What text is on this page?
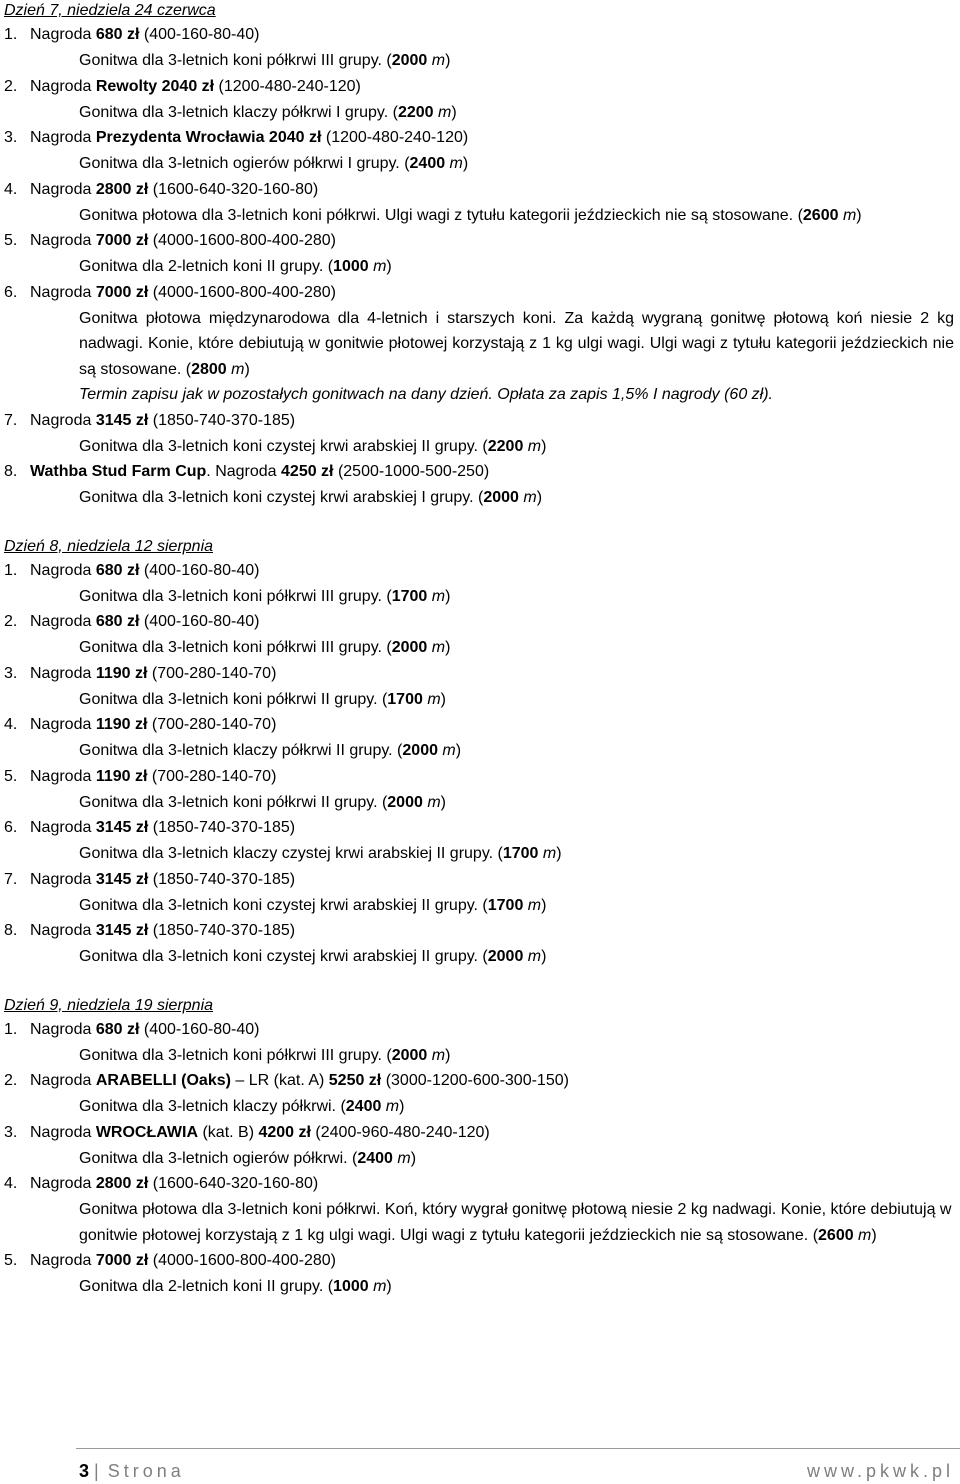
Dzień 7, niedziela 24 czerwca
1. Nagroda 680 zł (400-160-80-40)
Gonitwa dla 3-letnich koni półkrwi III grupy. (2000 m)
2. Nagroda Rewolty 2040 zł (1200-480-240-120)
Gonitwa dla 3-letnich klaczy półkrwi I grupy. (2200 m)
3. Nagroda Prezydenta Wrocławia 2040 zł (1200-480-240-120)
Gonitwa dla 3-letnich ogierów półkrwi I grupy. (2400 m)
4. Nagroda 2800 zł (1600-640-320-160-80)
Gonitwa płotowa dla 3-letnich koni półkrwi. Ulgi wagi z tytułu kategorii jeździeckich nie są stosowane. (2600 m)
5. Nagroda 7000 zł (4000-1600-800-400-280)
Gonitwa dla 2-letnich koni II grupy. (1000 m)
6. Nagroda 7000 zł (4000-1600-800-400-280)
Gonitwa płotowa międzynarodowa dla 4-letnich i starszych koni. Za każdą wygraną gonitwę płotową koń niesie 2 kg nadwagi. Konie, które debiutują w gonitwie płotowej korzystają z 1 kg ulgi wagi. Ulgi wagi z tytułu kategorii jeździeckich nie są stosowane. (2800 m)
Termin zapisu jak w pozostałych gonitwach na dany dzień. Opłata za zapis 1,5% I nagrody (60 zł).
7. Nagroda 3145 zł (1850-740-370-185)
Gonitwa dla 3-letnich koni czystej krwi arabskiej II grupy. (2200 m)
8. Wathba Stud Farm Cup. Nagroda 4250 zł (2500-1000-500-250)
Gonitwa dla 3-letnich koni czystej krwi arabskiej I grupy. (2000 m)
Dzień 8, niedziela 12 sierpnia
1. Nagroda 680 zł (400-160-80-40)
Gonitwa dla 3-letnich koni półkrwi III grupy. (1700 m)
2. Nagroda 680 zł (400-160-80-40)
Gonitwa dla 3-letnich koni półkrwi III grupy. (2000 m)
3. Nagroda 1190 zł (700-280-140-70)
Gonitwa dla 3-letnich koni półkrwi II grupy. (1700 m)
4. Nagroda 1190 zł (700-280-140-70)
Gonitwa dla 3-letnich klaczy półkrwi II grupy. (2000 m)
5. Nagroda 1190 zł (700-280-140-70)
Gonitwa dla 3-letnich koni półkrwi II grupy. (2000 m)
6. Nagroda 3145 zł (1850-740-370-185)
Gonitwa dla 3-letnich klaczy czystej krwi arabskiej II grupy. (1700 m)
7. Nagroda 3145 zł (1850-740-370-185)
Gonitwa dla 3-letnich koni czystej krwi arabskiej II grupy. (1700 m)
8. Nagroda 3145 zł (1850-740-370-185)
Gonitwa dla 3-letnich koni czystej krwi arabskiej II grupy. (2000 m)
Dzień 9, niedziela 19 sierpnia
1. Nagroda 680 zł (400-160-80-40)
Gonitwa dla 3-letnich koni półkrwi III grupy. (2000 m)
2. Nagroda ARABELLI (Oaks) – LR (kat. A) 5250 zł (3000-1200-600-300-150)
Gonitwa dla 3-letnich klaczy półkrwi. (2400 m)
3. Nagroda WROCŁAWIA (kat. B) 4200 zł (2400-960-480-240-120)
Gonitwa dla 3-letnich ogierów półkrwi. (2400 m)
4. Nagroda 2800 zł (1600-640-320-160-80)
Gonitwa płotowa dla 3-letnich koni półkrwi. Koń, który wygrał gonitwę płotową niesie 2 kg nadwagi. Konie, które debiutują w gonitwie płotowej korzystają z 1 kg ulgi wagi. Ulgi wagi z tytułu kategorii jeździeckich nie są stosowane. (2600 m)
5. Nagroda 7000 zł (4000-1600-800-400-280)
Gonitwa dla 2-letnich koni II grupy. (1000 m)
3 | Strona	www.pkwk.pl
